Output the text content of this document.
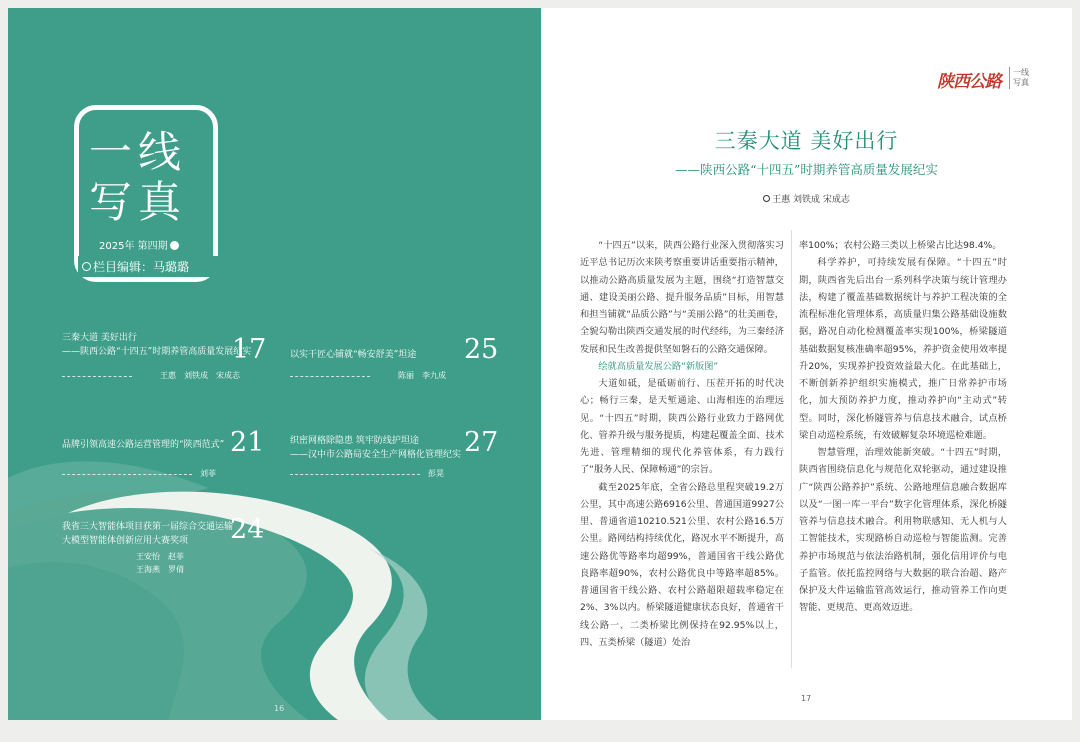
一线
写真
2025年 第四期
栏目编辑：马璐璐
三秦大道 美好出行
——陕西公路“十四五”时期养管高质量发展纪实
17
王惠　刘铁成　宋成志
以实干匠心铺就“畅安舒美”坦途 25
陈丽　李九成
品牌引领高速公路运营管理的“陕西范式” 21
刘菲
织密网格除隐患 筑牢防线护坦途
——汉中市公路局安全生产网格化管理纪实 27
彭晃
我省三大智能体项目获第一届综合交通运输
大模型智能体创新应用大赛奖项	24
王安怡　赵菲
王海燕　罗倩
16
陕西公路 一线写真
三秦大道 美好出行
——陕西公路“十四五”时期养管高质量发展纪实
王惠 刘铁成 宋成志

“十四五”以来，陕西公路行业深入贯彻落实习近平总书记历次来陕考察重要讲话重要指示精神，以推动公路高质量发展为主题，围绕“打造智慧交通、建设美丽公路、提升服务品质”目标，用智慧和担当铺就“品质公路”与“美丽公路”的壮美画卷，全貌勾勒出陕西交通发展的时代经纬，为三秦经济发展和民生改善提供坚如磐石的公路交通保障。

绘就高质量发展公路“新版图”

大道如砥，是砥砺前行、压茬开拓的时代决心；畅行三秦，是天堑通途、山海相连的治理远见。“十四五”时期，陕西公路行业致力于路网优化、管养升级与服务提质，构建起覆盖全面、技术先进、管理精细的现代化养管体系，有力践行了“服务人民、保障畅通”的宗旨。

截至2025年底，全省公路总里程突破19.2万公里，其中高速公路6916公里、普通国道9927公里、普通省道10210.521公里、农村公路16.5万公里。路网结构持续优化，路况水平不断提升，高速公路优等路率均超99%，普通国省干线公路优良路率超90%，农村公路优良中等路率超85%。普通国省干线公路、农村公路超限超载率稳定在2%、3%以内。桥梁隧道健康状态良好，普通省干线公路一、二类桥梁比例保持在92.95%以上，四、五类桥梁（隧道）处治

率100%；农村公路三类以上桥梁占比达98.4%。

科学养护，可持续发展有保障。“十四五”时期，陕西省先后出台一系列科学决策与统计管理办法，构建了覆盖基础数据统计与养护工程决策的全流程标准化管理体系，高质量归集公路基础设施数据，路况自动化检测覆盖率实现100%，桥梁隧道基础数据复核准确率超95%，养护资金使用效率提升20%，实现养护投资效益最大化。在此基础上，不断创新养护组织实施模式，推广日常养护市场化，加大预防养护力度，推动养护向“主动式”转型。同时，深化桥隧管养与信息技术融合，试点桥梁自动巡检系统，有效破解复杂环境巡检难题。

智慧管理，治理效能新突破。“十四五”时期，陕西省围绕信息化与规范化双轮驱动，通过建设推广“陕西公路养护”系统、公路地理信息融合数据库以及“一图一库一平台”数字化管理体系，深化桥隧管养与信息技术融合。利用物联感知、无人机与人工智能技术，实现路桥自动巡检与智能监测。完善养护市场规范与依法治路机制，强化信用评价与电子监管。依托监控网络与大数据的联合治超、路产保护及大件运输监管高效运行，推动管养工作向更智能、更规范、更高效迈进。

17
